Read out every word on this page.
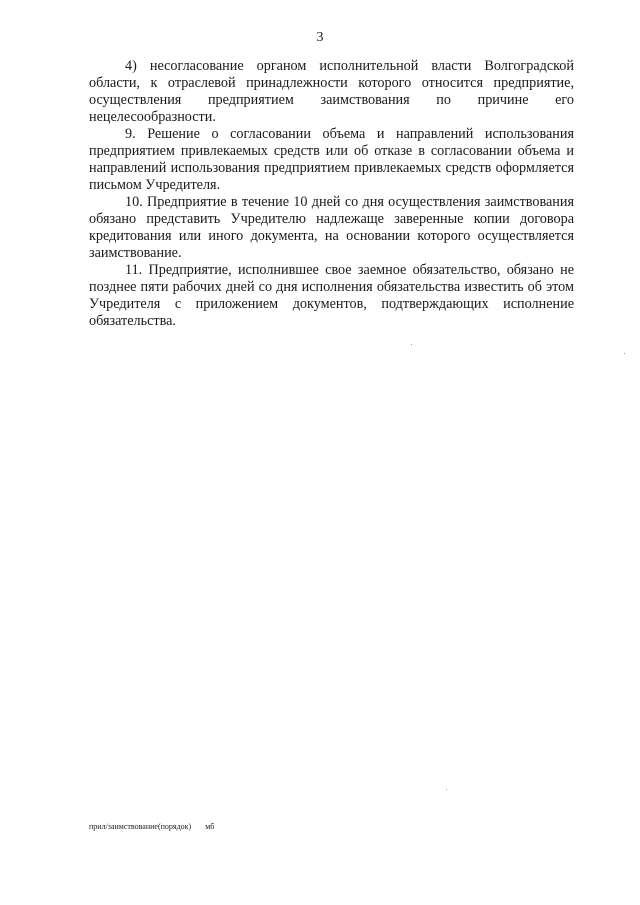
3

4) несогласование органом исполнительной власти Волгоградской области, к отраслевой принадлежности которого относится предприятие, осуществления предприятием заимствования по причине его нецелесообразности.

9. Решение о согласовании объема и направлений использования предприятием привлекаемых средств или об отказе в согласовании объема и направлений использования предприятием привлекаемых средств оформляется письмом Учредителя.

10. Предприятие в течение 10 дней со дня осуществления заимствования обязано представить Учредителю надлежаще заверенные копии договора кредитования или иного документа, на основании которого осуществляется заимствование.

11. Предприятие, исполнившее свое заемное обязательство, обязано не позднее пяти рабочих дней со дня исполнения обязательства известить об этом Учредителя с приложением документов, подтверждающих исполнение обязательства.

прил/заимствование(порядок) мб
